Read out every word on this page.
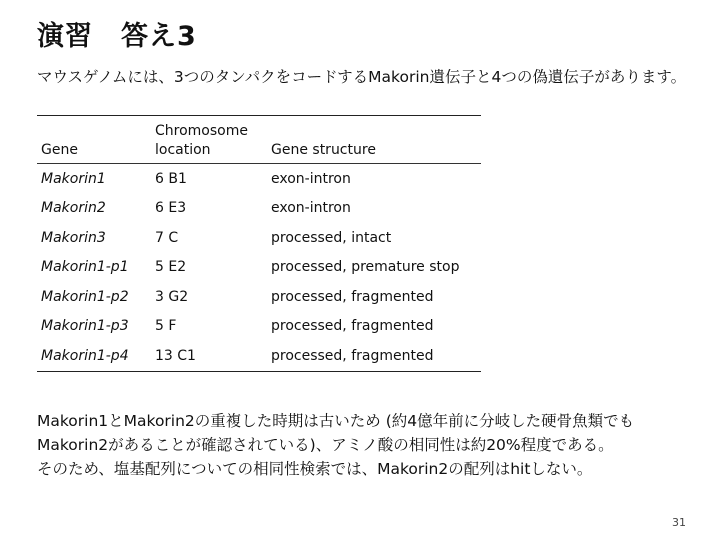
演習　答え3
マウスゲノムには、3つのタンパクをコードするMakorin遺伝子と4つの偽遺伝子があります。
Gene	Chromosome location	Gene structure
Makorin1	6 B1	exon-intron
Makorin2	6 E3	exon-intron
Makorin3	7 C	processed, intact
Makorin1-p1	5 E2	processed, premature stop
Makorin1-p2	3 G2	processed, fragmented
Makorin1-p3	5 F	processed, fragmented
Makorin1-p4	13 C1	processed, fragmented
Makorin1とMakorin2の重複した時期は古いため (約4億年前に分岐した硬骨魚類でも
Makorin2があることが確認されている)、アミノ酸の相同性は約20%程度である。
そのため、塩基配列についての相同性検索では、Makorin2の配列はhitしない。
31
